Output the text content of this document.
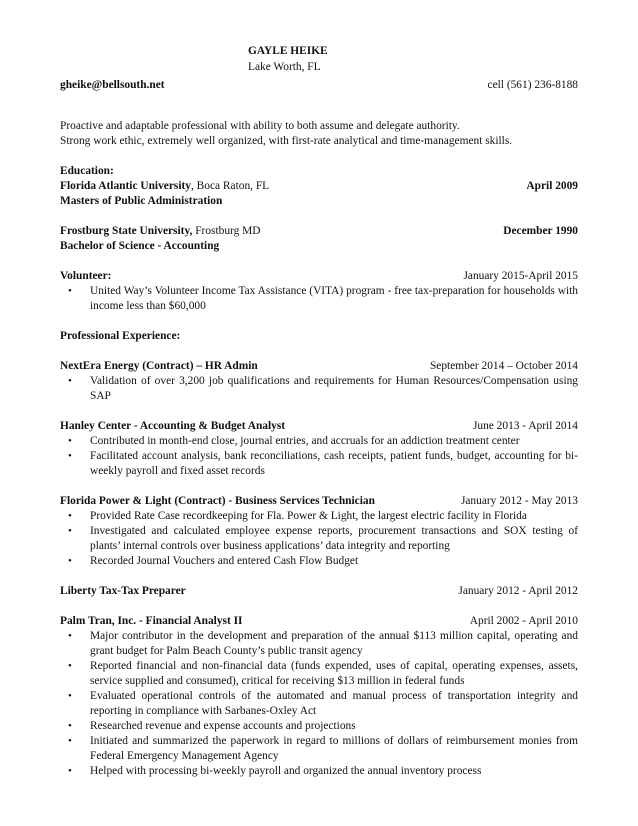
GAYLE HEIKE
Lake Worth, FL
gheike@bellsouth.net	cell (561) 236-8188
Proactive and adaptable professional with ability to both assume and delegate authority.
Strong work ethic, extremely well organized, with first-rate analytical and time-management skills.
Education:
Florida Atlantic University, Boca Raton, FL	April 2009
Masters of Public Administration
Frostburg State University, Frostburg MD	December 1990
Bachelor of Science - Accounting
Volunteer:	January 2015-April 2015
• United Way’s Volunteer Income Tax Assistance (VITA) program - free tax-preparation for households with income less than $60,000
Professional Experience:
NextEra Energy (Contract) – HR Admin	September 2014 – October 2014
• Validation of over 3,200 job qualifications and requirements for Human Resources/Compensation using SAP
Hanley Center - Accounting & Budget Analyst	June 2013 - April 2014
• Contributed in month-end close, journal entries, and accruals for an addiction treatment center
• Facilitated account analysis, bank reconciliations, cash receipts, patient funds, budget, accounting for bi-weekly payroll and fixed asset records
Florida Power & Light (Contract) - Business Services Technician	January 2012 - May 2013
• Provided Rate Case recordkeeping for Fla. Power & Light, the largest electric facility in Florida
• Investigated and calculated employee expense reports, procurement transactions and SOX testing of plants’ internal controls over business applications’ data integrity and reporting
• Recorded Journal Vouchers and entered Cash Flow Budget
Liberty Tax-Tax Preparer	January 2012 - April 2012
Palm Tran, Inc. - Financial Analyst II	April 2002 - April 2010
• Major contributor in the development and preparation of the annual $113 million capital, operating and grant budget for Palm Beach County’s public transit agency
• Reported financial and non-financial data (funds expended, uses of capital, operating expenses, assets, service supplied and consumed), critical for receiving $13 million in federal funds
• Evaluated operational controls of the automated and manual process of transportation integrity and reporting in compliance with Sarbanes-Oxley Act
• Researched revenue and expense accounts and projections
• Initiated and summarized the paperwork in regard to millions of dollars of reimbursement monies from Federal Emergency Management Agency
• Helped with processing bi-weekly payroll and organized the annual inventory process
